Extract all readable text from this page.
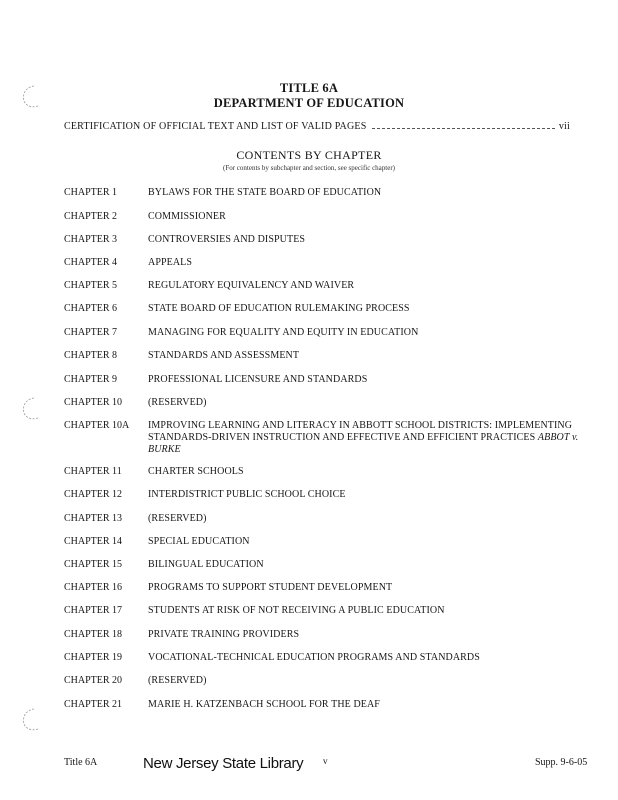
TITLE 6A
DEPARTMENT OF EDUCATION
CERTIFICATION OF OFFICIAL TEXT AND LIST OF VALID PAGES	vii
CONTENTS BY CHAPTER
(For contents by subchapter and section, see specific chapter)
CHAPTER 1	BYLAWS FOR THE STATE BOARD OF EDUCATION
CHAPTER 2	COMMISSIONER
CHAPTER 3	CONTROVERSIES AND DISPUTES
CHAPTER 4	APPEALS
CHAPTER 5	REGULATORY EQUIVALENCY AND WAIVER
CHAPTER 6	STATE BOARD OF EDUCATION RULEMAKING PROCESS
CHAPTER 7	MANAGING FOR EQUALITY AND EQUITY IN EDUCATION
CHAPTER 8	STANDARDS AND ASSESSMENT
CHAPTER 9	PROFESSIONAL LICENSURE AND STANDARDS
CHAPTER 10	(RESERVED)
CHAPTER 10A	IMPROVING LEARNING AND LITERACY IN ABBOTT SCHOOL DISTRICTS: IMPLEMENTING STANDARDS-DRIVEN INSTRUCTION AND EFFECTIVE AND EFFICIENT PRACTICES ABBOT v. BURKE
CHAPTER 11	CHARTER SCHOOLS
CHAPTER 12	INTERDISTRICT PUBLIC SCHOOL CHOICE
CHAPTER 13	(RESERVED)
CHAPTER 14	SPECIAL EDUCATION
CHAPTER 15	BILINGUAL EDUCATION
CHAPTER 16	PROGRAMS TO SUPPORT STUDENT DEVELOPMENT
CHAPTER 17	STUDENTS AT RISK OF NOT RECEIVING A PUBLIC EDUCATION
CHAPTER 18	PRIVATE TRAINING PROVIDERS
CHAPTER 19	VOCATIONAL-TECHNICAL EDUCATION PROGRAMS AND STANDARDS
CHAPTER 20	(RESERVED)
CHAPTER 21	MARIE H. KATZENBACH SCHOOL FOR THE DEAF
Title 6A	New Jersey State Library v	Supp. 9-6-05
